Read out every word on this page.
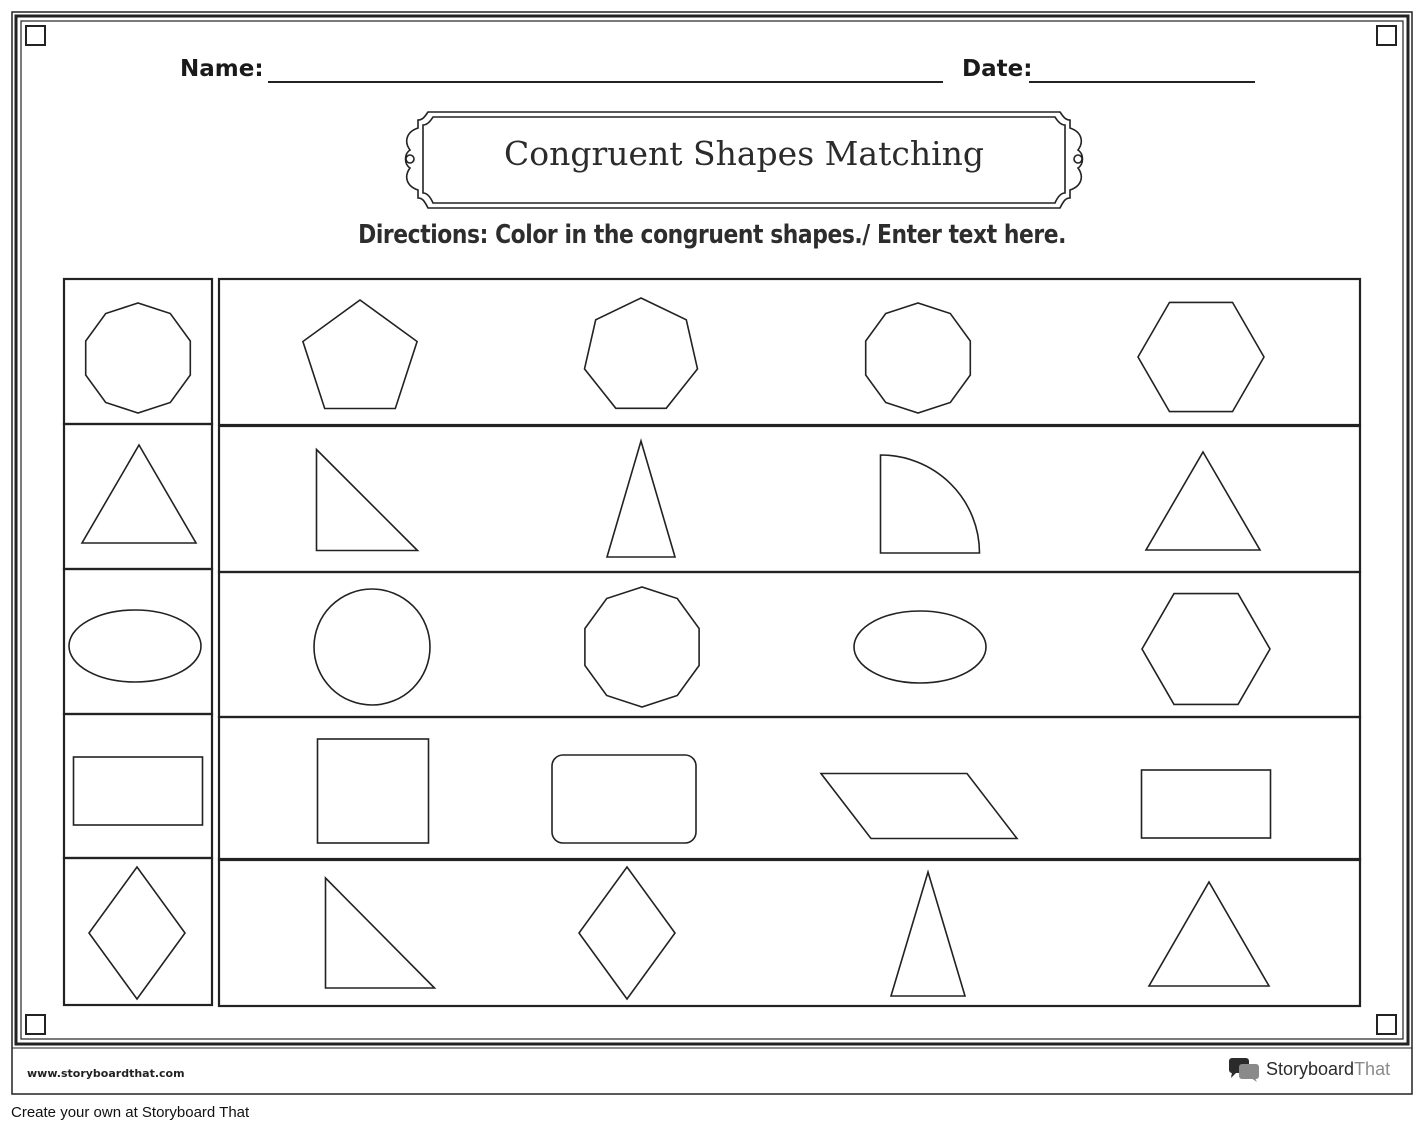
Name:	Date:
Congruent Shapes Matching
Directions: Color in the congruent shapes./ Enter text here.
www.storyboardthat.com	StoryboardThat
Create your own at Storyboard That
